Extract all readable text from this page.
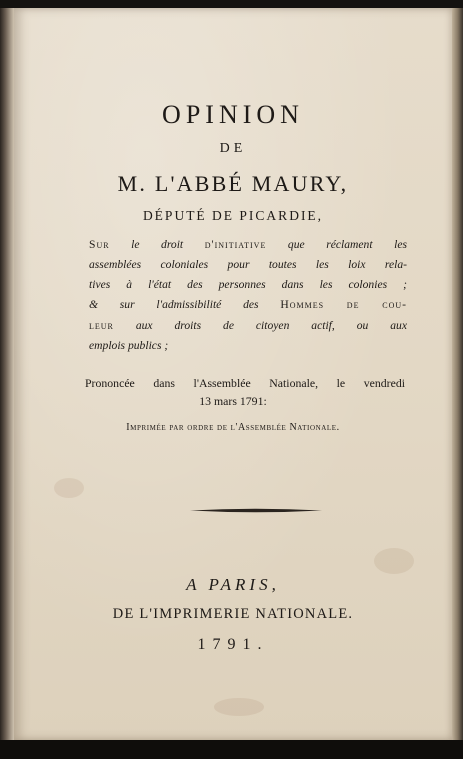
OPINION
DE
M. L'ABBÉ MAURY,
DÉPUTÉ DE PICARDIE,
Sur le droit d'initiative que réclament les
assemblées coloniales pour toutes les loix rela-
tives à l'état des personnes dans les colonies ;
& sur l'admissibilité des Hommes de cou-
leur aux droits de citoyen actif, ou aux
emplois publics ;
Prononcée dans l'Assemblée Nationale, le vendredi
13 mars 1791:
Imprimée par ordre de l'Assemblée Nationale.
A PARIS,
DE L'IMPRIMERIE NATIONALE.
1791.
